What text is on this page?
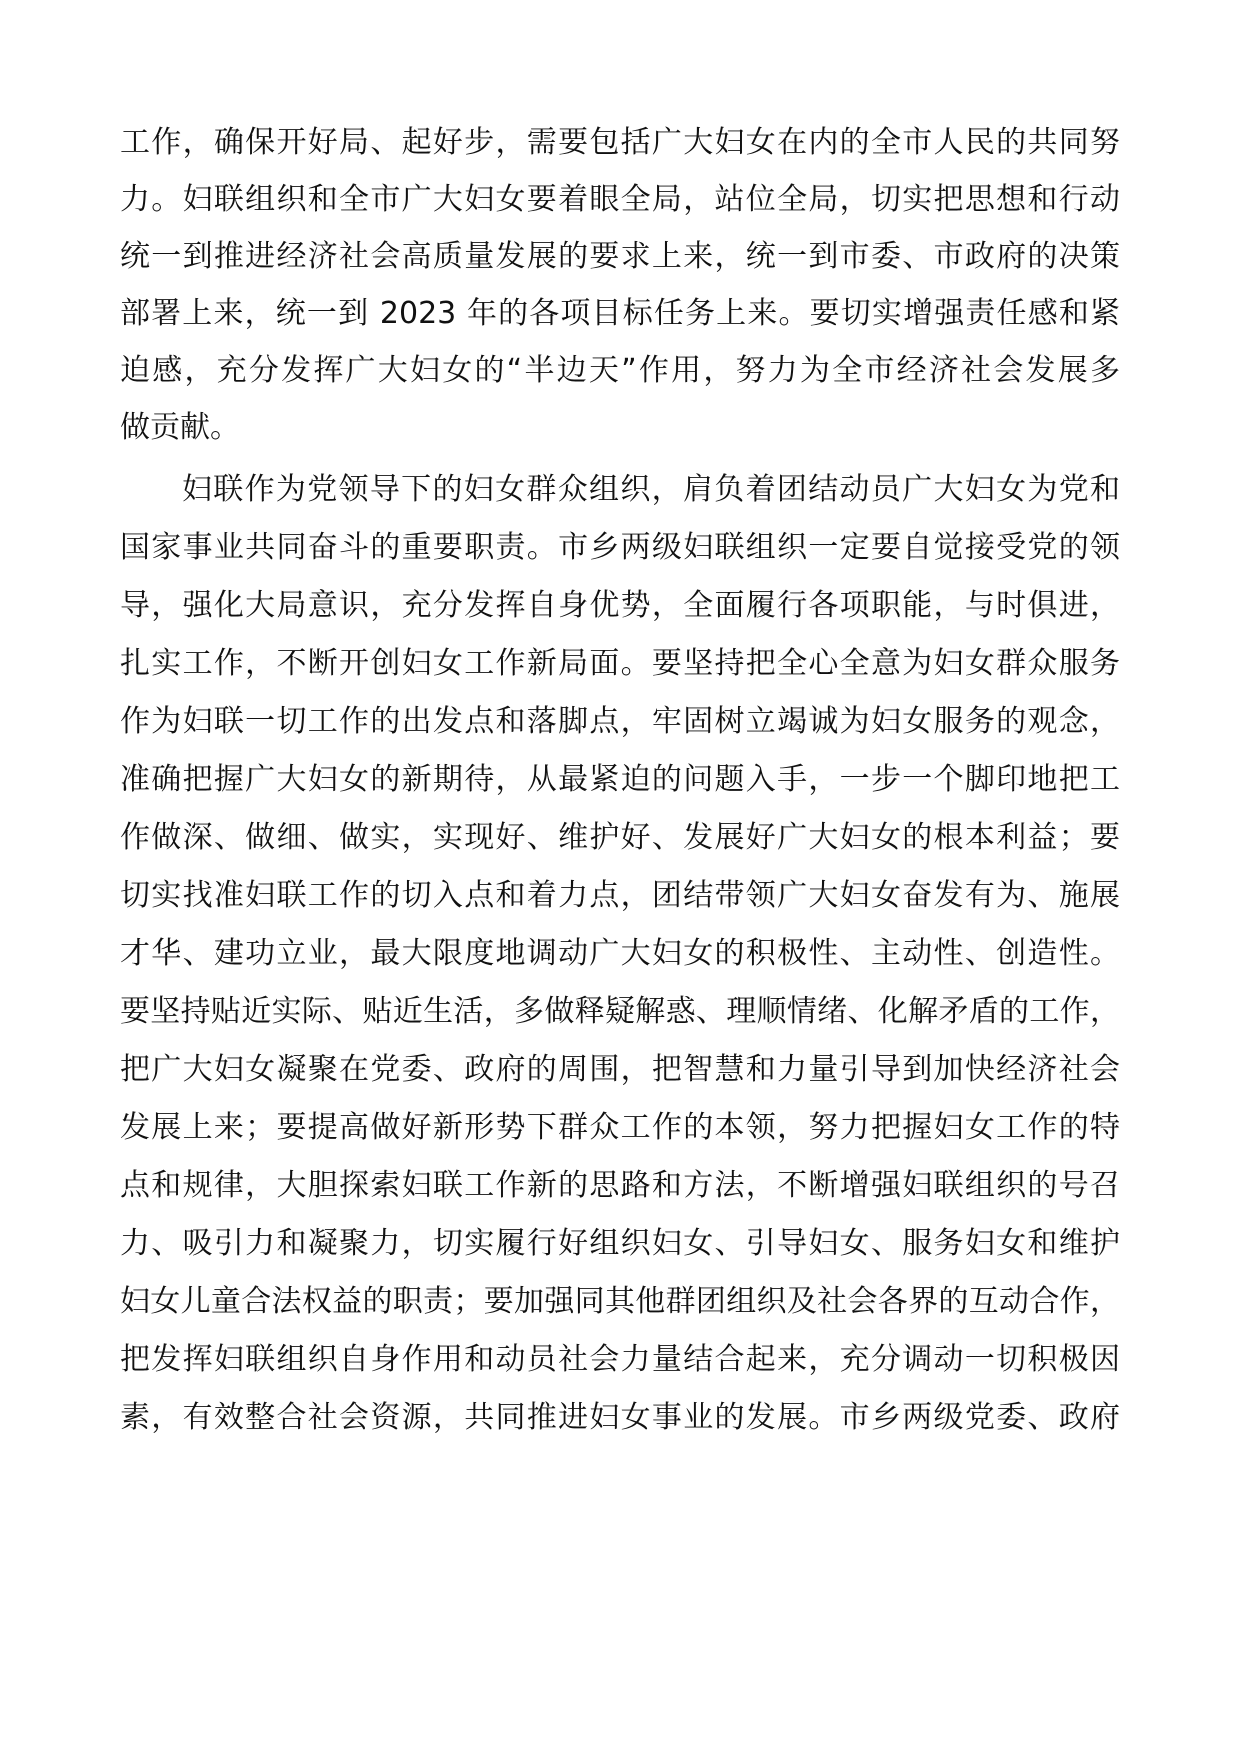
工作，确保开好局、起好步，需要包括广大妇女在内的全市人民的共同努
力。妇联组织和全市广大妇女要着眼全局，站位全局，切实把思想和行动
统一到推进经济社会高质量发展的要求上来，统一到市委、市政府的决策
部署上来，统一到 2023 年的各项目标任务上来。要切实增强责任感和紧
迫感，充分发挥广大妇女的“半边天”作用，努力为全市经济社会发展多
做贡献。
妇联作为党领导下的妇女群众组织，肩负着团结动员广大妇女为党和
国家事业共同奋斗的重要职责。市乡两级妇联组织一定要自觉接受党的领
导，强化大局意识，充分发挥自身优势，全面履行各项职能，与时俱进，
扎实工作，不断开创妇女工作新局面。要坚持把全心全意为妇女群众服务
作为妇联一切工作的出发点和落脚点，牢固树立竭诚为妇女服务的观念，
准确把握广大妇女的新期待，从最紧迫的问题入手，一步一个脚印地把工
作做深、做细、做实，实现好、维护好、发展好广大妇女的根本利益；要
切实找准妇联工作的切入点和着力点，团结带领广大妇女奋发有为、施展
才华、建功立业，最大限度地调动广大妇女的积极性、主动性、创造性。
要坚持贴近实际、贴近生活，多做释疑解惑、理顺情绪、化解矛盾的工作，
把广大妇女凝聚在党委、政府的周围，把智慧和力量引导到加快经济社会
发展上来；要提高做好新形势下群众工作的本领，努力把握妇女工作的特
点和规律，大胆探索妇联工作新的思路和方法，不断增强妇联组织的号召
力、吸引力和凝聚力，切实履行好组织妇女、引导妇女、服务妇女和维护
妇女儿童合法权益的职责；要加强同其他群团组织及社会各界的互动合作，
把发挥妇联组织自身作用和动员社会力量结合起来，充分调动一切积极因
素，有效整合社会资源，共同推进妇女事业的发展。市乡两级党委、政府
